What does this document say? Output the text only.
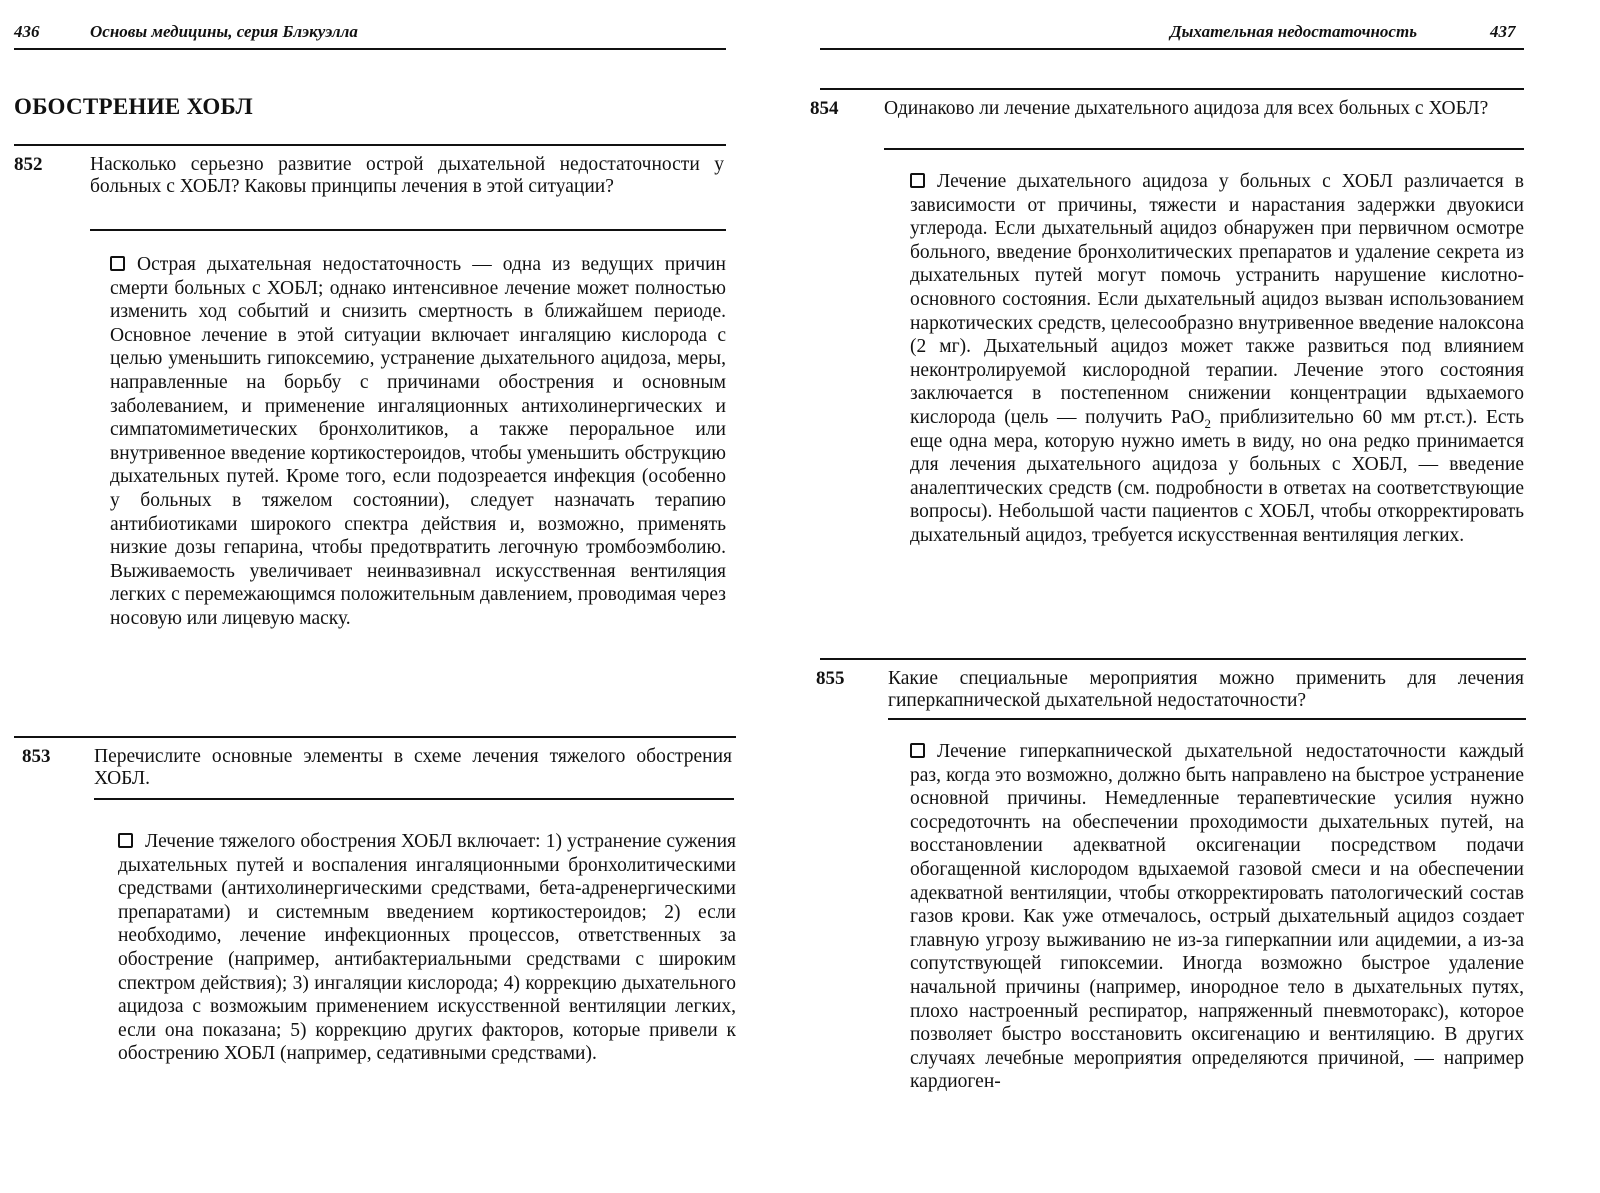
436	Основы медицины, серия Блэкуэлла
ОБОСТРЕНИЕ ХОБЛ
852 Насколько серьезно развитие острой дыхательной недостаточности у больных с ХОБЛ? Каковы принципы лечения в этой ситуации?
Острая дыхательная недостаточность — одна из ведущих причин смерти больных с ХОБЛ; однако интенсивное лечение может полностью изменить ход событий и снизить смертность в ближайшем периоде. Основное лечение в этой ситуации включает ингаляцию кислорода с целью уменьшить гипоксемию, устранение дыхательного ацидоза, меры, направленные на борьбу с причинами обострения и основным заболеванием, и применение ингаляционных антихолинергических и симпатомиметических бронхолитиков, а также пероральное или внутривенное введение кортикостероидов, чтобы уменьшить обструкцию дыхательных путей. Кроме того, если подозреается инфекция (особенно у больных в тяжелом состоянии), следует назначать терапию антибиотиками широкого спектра действия и, возможно, применять низкие дозы гепарина, чтобы предотвратить легочную тромбоэмболию. Выживаемость увеличивает неинвазивнал искусственная вентиляция легких с перемежающимся положительным давлением, проводимая через носовую или лицевую маску.
853 Перечислите основные элементы в схеме лечения тяжелого обострения ХОБЛ.
Лечение тяжелого обострения ХОБЛ включает: 1) устранение сужения дыхательных путей и воспаления ингаляционными бронхолитическими средствами (антихолинергическими средствами, бета-адренергическими препаратами) и системным введением кортикостероидов; 2) если необходимо, лечение инфекционных процессов, ответственных за обострение (например, антибактериальными средствами с широким спектром действия); 3) ингаляции кислорода; 4) коррекцию дыхательного ацидоза с возможыим применением искусственной вентиляции легких, если она показана; 5) коррекцию других факторов, которые привели к обострению ХОБЛ (например, седативными средствами).
Дыхательная недостаточность	437
854 Одинаково ли лечение дыхательного ацидоза для всех больных с ХОБЛ?
Лечение дыхательного ацидоза у больных с ХОБЛ различается в зависимости от причины, тяжести и нарастания задержки двуокиси углерода. Если дыхательный ацидоз обнаружен при первичном осмотре больного, введение бронхолитических препаратов и удаление секрета из дыхательных путей могут помочь устранить нарушение кислотно-основного состояния. Если дыхательный ацидоз вызван использованием наркотических средств, целесообразно внутривенное введение налоксона (2 мг). Дыхательный ацидоз может также развиться под влиянием неконтролируемой кислородной терапии. Лечение этого состояния заключается в постепенном снижении концентрации вдыхаемого кислорода (цель — получить PaO$_2$ приблизительно 60 мм рт.ст.). Есть еще одна мера, которую нужно иметь в виду, но она редко принимается для лечения дыхательного ацидоза у больных с ХОБЛ, — введение аналептических средств (см. подробности в ответах на соответствующие вопросы). Небольшой части пациентов с ХОБЛ, чтобы откорректировать дыхательный ацидоз, требуется искусственная вентиляция легких.
855 Какие специальные мероприятия можно применить для лечения гиперкапнической дыхательной недостаточности?
Лечение гиперкапнической дыхательной недостаточности каждый раз, когда это возможно, должно быть направлено на быстрое устранение основной причины. Немедленные терапевтические усилия нужно сосредоточнть на обеспечении проходимости дыхательных путей, на восстановлении адекватной оксигенации посредством подачи обогащенной кислородом вдыхаемой газовой смеси и на обеспечении адекватной вентиляции, чтобы откорректировать патологический состав газов крови. Как уже отмечалось, острый дыхательный ацидоз создает главную угрозу выживанию не из-за гиперкапнии или ацидемии, а из-за сопутствующей гипоксемии. Иногда возможно быстрое удаление начальной причины (например, инородное тело в дыхательных путях, плохо настроенный респиратор, напряженный пневмоторакс), которое позволяет быстро восстановить оксигенацию и вентиляцию. В других случаях лечебные мероприятия определяются причиной, — например кардиоген-
